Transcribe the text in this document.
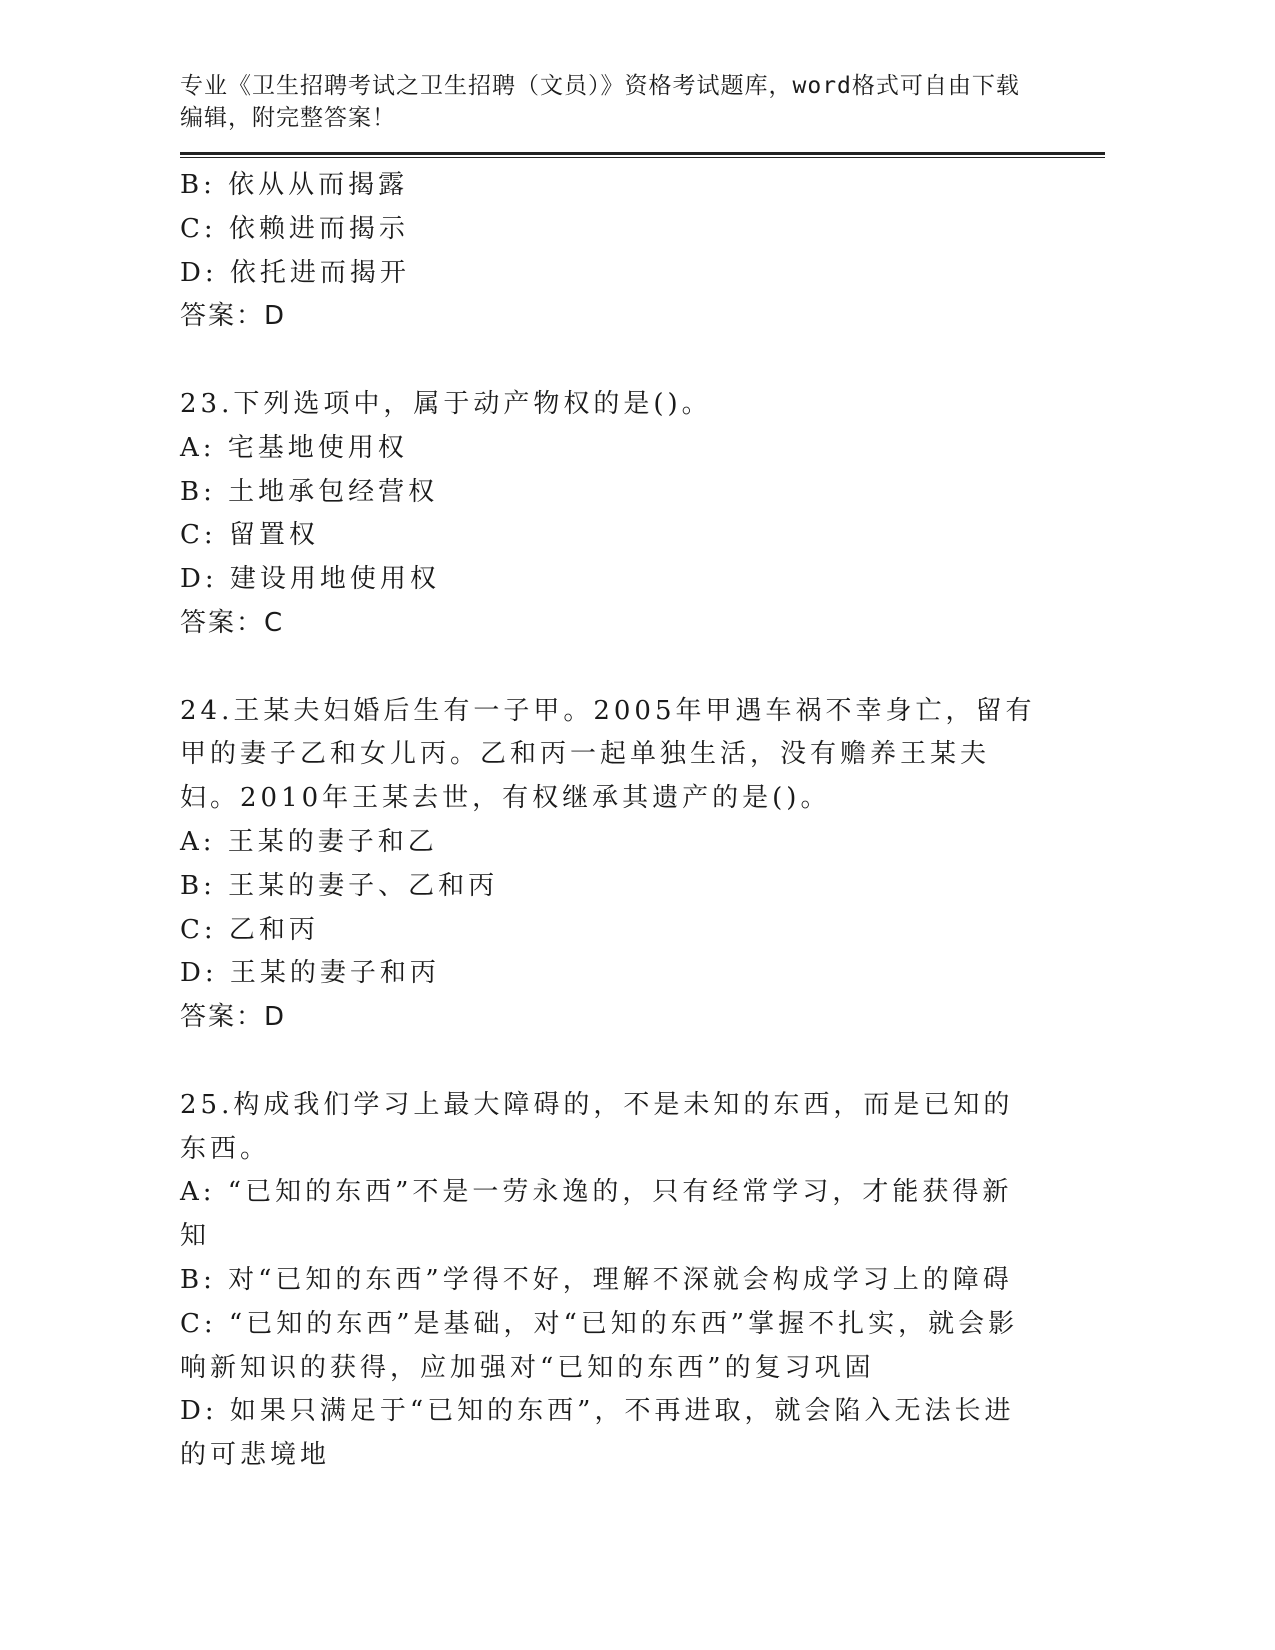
专业《卫生招聘考试之卫生招聘（文员）》资格考试题库，word格式可自由下载编辑，附完整答案！

B: 依从从而揭露

C: 依赖进而揭示

D: 依托进而揭开

答案：D

23.下列选项中，属于动产物权的是()。

A: 宅基地使用权

B: 土地承包经营权

C: 留置权

D: 建设用地使用权

答案：C

24.王某夫妇婚后生有一子甲。2005年甲遇车祸不幸身亡，留有甲的妻子乙和女儿丙。乙和丙一起单独生活，没有赡养王某夫妇。2010年王某去世，有权继承其遗产的是()。

A: 王某的妻子和乙

B: 王某的妻子、乙和丙

C: 乙和丙

D: 王某的妻子和丙

答案：D

25.构成我们学习上最大障碍的，不是未知的东西，而是已知的东西。

A: “已知的东西”不是一劳永逸的，只有经常学习，才能获得新知

B: 对“已知的东西”学得不好，理解不深就会构成学习上的障碍

C: “已知的东西”是基础，对“已知的东西”掌握不扎实，就会影响新知识的获得，应加强对“已知的东西”的复习巩固

D: 如果只满足于“已知的东西”，不再进取，就会陷入无法长进的可悲境地
